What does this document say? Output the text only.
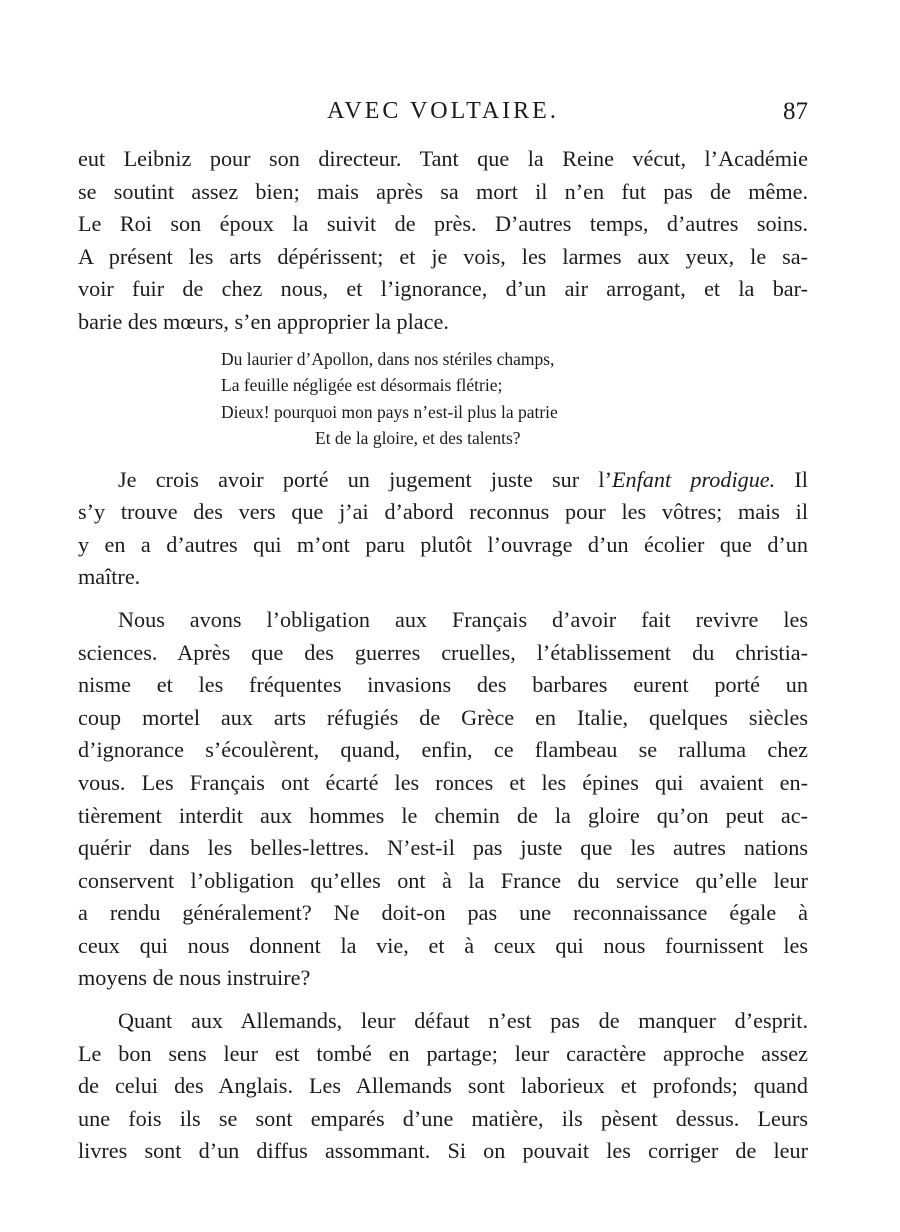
AVEC VOLTAIRE.	87
eut Leibniz pour son directeur. Tant que la Reine vécut, l’Académie
se soutint assez bien; mais après sa mort il n’en fut pas de même.
Le Roi son époux la suivit de près. D’autres temps, d’autres soins.
A présent les arts dépérissent; et je vois, les larmes aux yeux, le sa-
voir fuir de chez nous, et l’ignorance, d’un air arrogant, et la bar-
barie des mœurs, s’en approprier la place.
Du laurier d’Apollon, dans nos stériles champs,
La feuille négligée est désormais flétrie;
Dieux! pourquoi mon pays n’est-il plus la patrie
Et de la gloire, et des talents?
Je crois avoir porté un jugement juste sur l’Enfant prodigue. Il
s’y trouve des vers que j’ai d’abord reconnus pour les vôtres; mais il
y en a d’autres qui m’ont paru plutôt l’ouvrage d’un écolier que d’un
maître.
Nous avons l’obligation aux Français d’avoir fait revivre les
sciences. Après que des guerres cruelles, l’établissement du christia-
nisme et les fréquentes invasions des barbares eurent porté un
coup mortel aux arts réfugiés de Grèce en Italie, quelques siècles
d’ignorance s’écoulèrent, quand, enfin, ce flambeau se ralluma chez
vous. Les Français ont écarté les ronces et les épines qui avaient en-
tièrement interdit aux hommes le chemin de la gloire qu’on peut ac-
quérir dans les belles-lettres. N’est-il pas juste que les autres nations
conservent l’obligation qu’elles ont à la France du service qu’elle leur
a rendu généralement? Ne doit-on pas une reconnaissance égale à
ceux qui nous donnent la vie, et à ceux qui nous fournissent les
moyens de nous instruire?
Quant aux Allemands, leur défaut n’est pas de manquer d’esprit.
Le bon sens leur est tombé en partage; leur caractère approche assez
de celui des Anglais. Les Allemands sont laborieux et profonds; quand
une fois ils se sont emparés d’une matière, ils pèsent dessus. Leurs
livres sont d’un diffus assommant. Si on pouvait les corriger de leur
